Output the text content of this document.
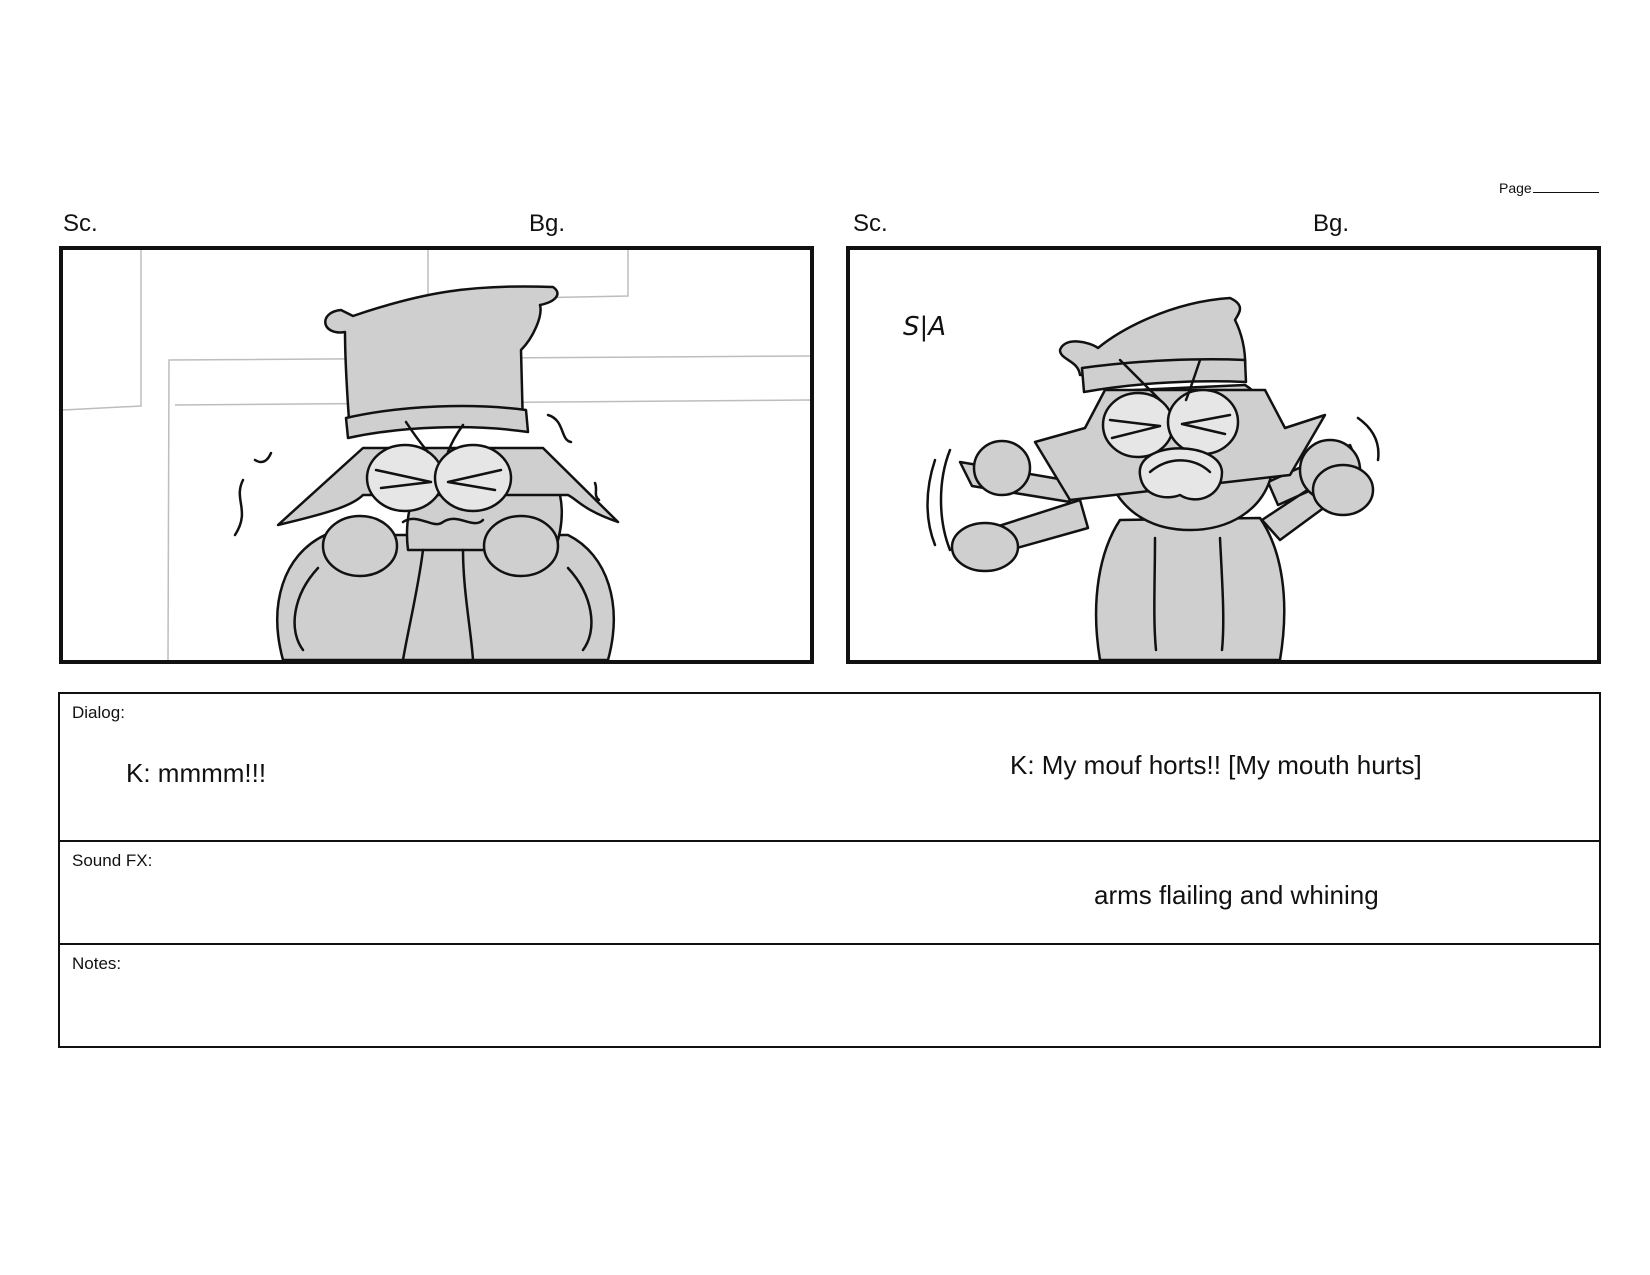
Page
Sc.	Bg.	Sc.	Bg.
S|A
Dialog:
K: mmmm!!!	K: My mouf horts!! [My mouth hurts]
Sound FX:
arms flailing and whining
Notes:
